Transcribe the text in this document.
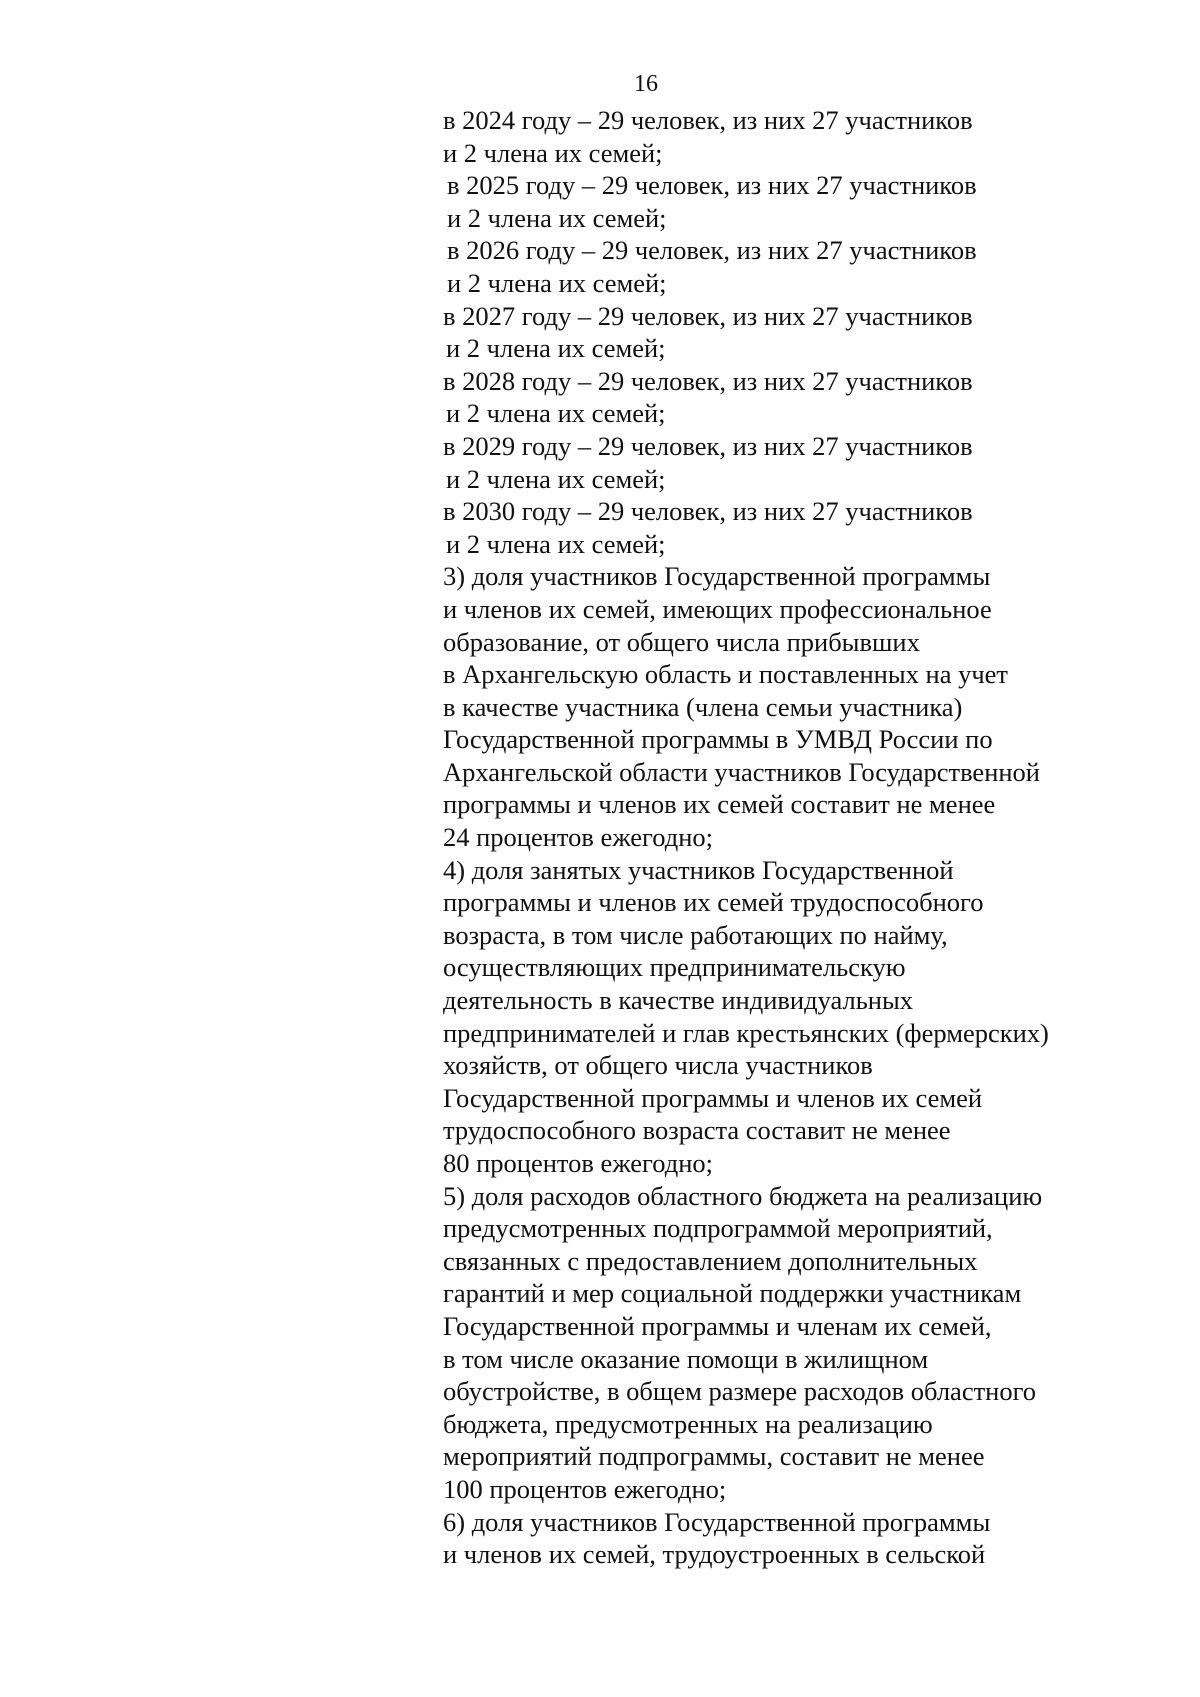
16
в 2024 году – 29 человек, из них 27 участников
и 2 члена их семей;
в 2025 году – 29 человек, из них 27 участников
и 2 члена их семей;
в 2026 году – 29 человек, из них 27 участников
и 2 члена их семей;
в 2027 году – 29 человек, из них 27 участников
и 2 члена их семей;
в 2028 году – 29 человек, из них 27 участников
и 2 члена их семей;
в 2029 году – 29 человек, из них 27 участников
и 2 члена их семей;
в 2030 году – 29 человек, из них 27 участников
и 2 члена их семей;
3) доля участников Государственной программы
и членов их семей, имеющих профессиональное
образование, от общего числа прибывших
в Архангельскую область и поставленных на учет
в качестве участника (члена семьи участника)
Государственной программы в УМВД России по
Архангельской области участников Государственной
программы и членов их семей составит не менее
24 процентов ежегодно;
4) доля занятых участников Государственной
программы и членов их семей трудоспособного
возраста, в том числе работающих по найму,
осуществляющих предпринимательскую
деятельность в качестве индивидуальных
предпринимателей и глав крестьянских (фермерских)
хозяйств, от общего числа участников
Государственной программы и членов их семей
трудоспособного возраста составит не менее
80 процентов ежегодно;
5) доля расходов областного бюджета на реализацию
предусмотренных подпрограммой мероприятий,
связанных с предоставлением дополнительных
гарантий и мер социальной поддержки участникам
Государственной программы и членам их семей,
в том числе оказание помощи в жилищном
обустройстве, в общем размере расходов областного
бюджета, предусмотренных на реализацию
мероприятий подпрограммы, составит не менее
100 процентов ежегодно;
6) доля участников Государственной программы
и членов их семей, трудоустроенных в сельской
